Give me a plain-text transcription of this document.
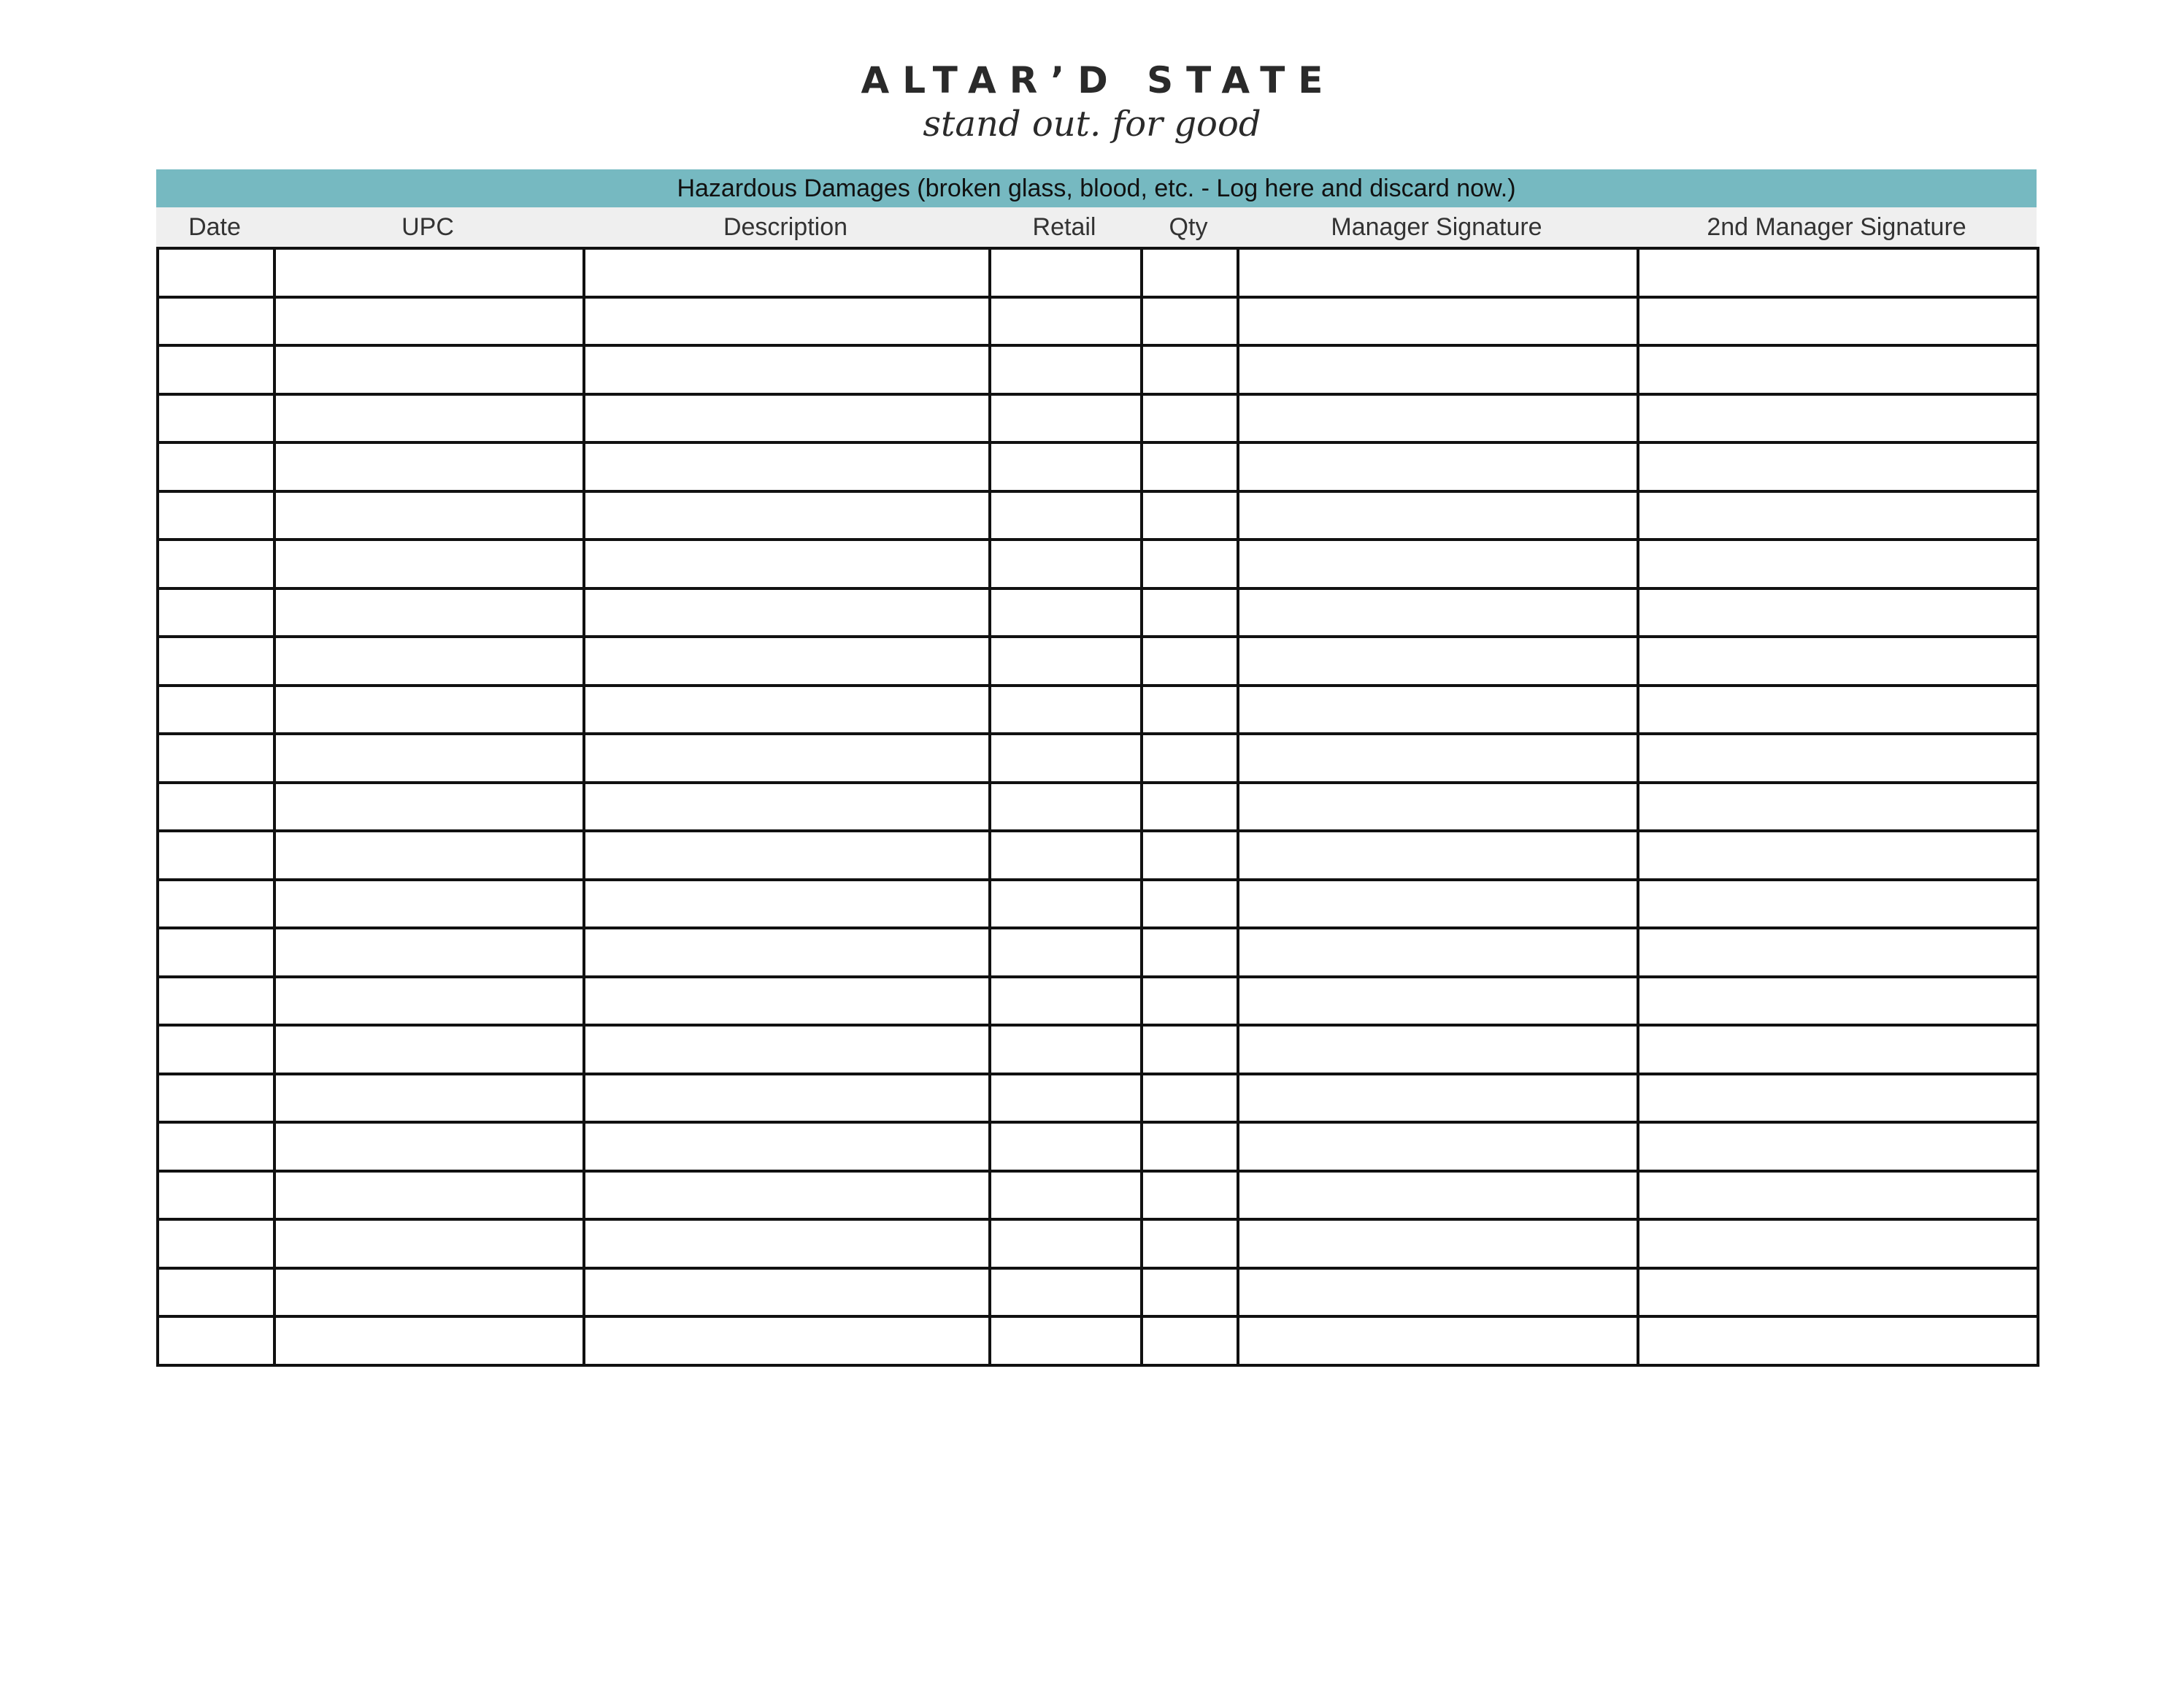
ALTAR’D STATE
stand out. for good
Hazardous Damages (broken glass, blood, etc. - Log here and discard now.)
Date	UPC	Description	Retail	Qty	Manager Signature	2nd Manager Signature
